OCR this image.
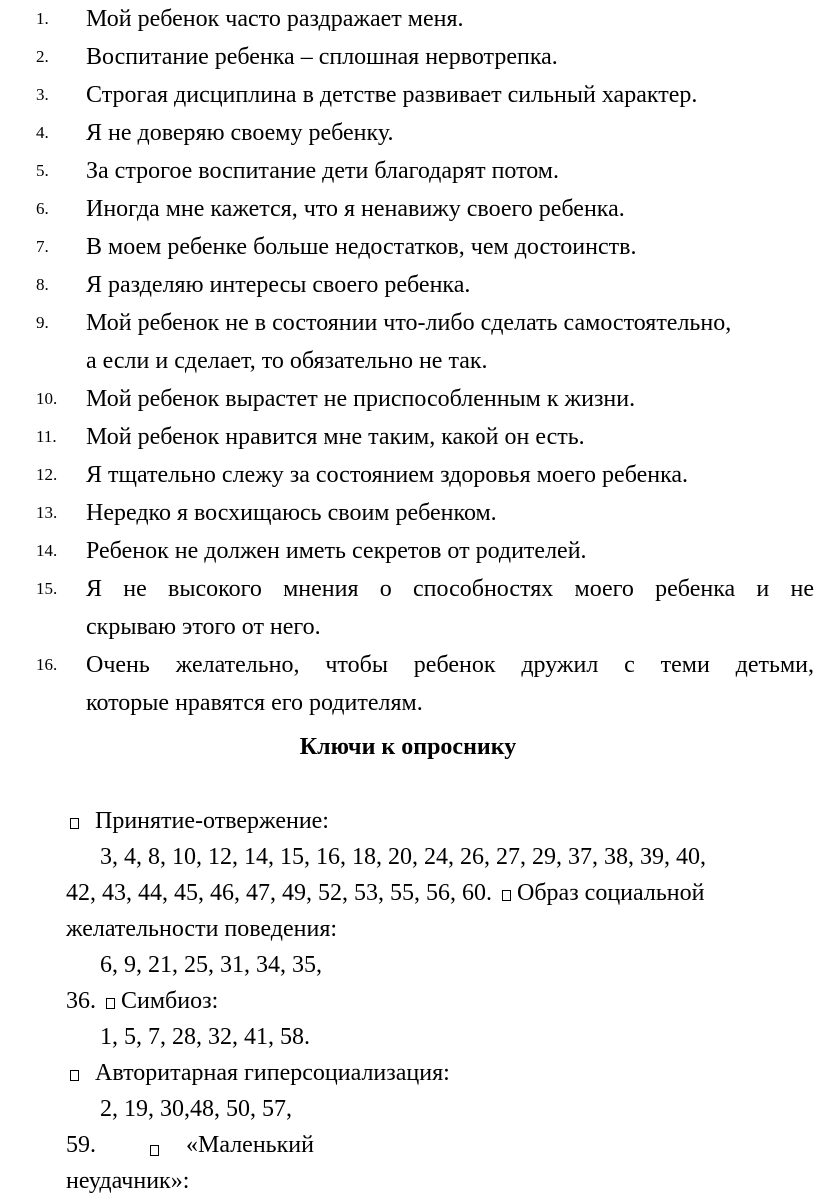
1. Мой ребенок часто раздражает меня.
2. Воспитание ребенка – сплошная нервотрепка.
3. Строгая дисциплина в детстве развивает сильный характер.
4. Я не доверяю своему ребенку.
5. За строгое воспитание дети благодарят потом.
6. Иногда мне кажется, что я ненавижу своего ребенка.
7. В моем ребенке больше недостатков, чем достоинств.
8. Я разделяю интересы своего ребенка.
9. Мой ребенок не в состоянии что-либо сделать самостоятельно,
а если и сделает, то обязательно не так.
10. Мой ребенок вырастет не приспособленным к жизни.
11. Мой ребенок нравится мне таким, какой он есть.
12. Я тщательно слежу за состоянием здоровья моего ребенка.
13. Нередко я восхищаюсь своим ребенком.
14. Ребенок не должен иметь секретов от родителей.
15. Я не высокого мнения о способностях моего ребенка и не
скрываю этого от него.
16. Очень желательно, чтобы ребенок дружил с теми детьми,
которые нравятся его родителям.
Ключи к опроснику
Принятие-отвержение:
3, 4, 8, 10, 12, 14, 15, 16, 18, 20, 24, 26, 27, 29, 37, 38, 39, 40,
42, 43, 44, 45, 46, 47, 49, 52, 53, 55, 56, 60. Образ социальной
желательности поведения:
6, 9, 21, 25, 31, 34, 35,
36. Симбиоз:
1, 5, 7, 28, 32, 41, 58.
Авторитарная гиперсоциализация:
2, 19, 30,48, 50, 57,
59.	«Маленький
неудачник»:
